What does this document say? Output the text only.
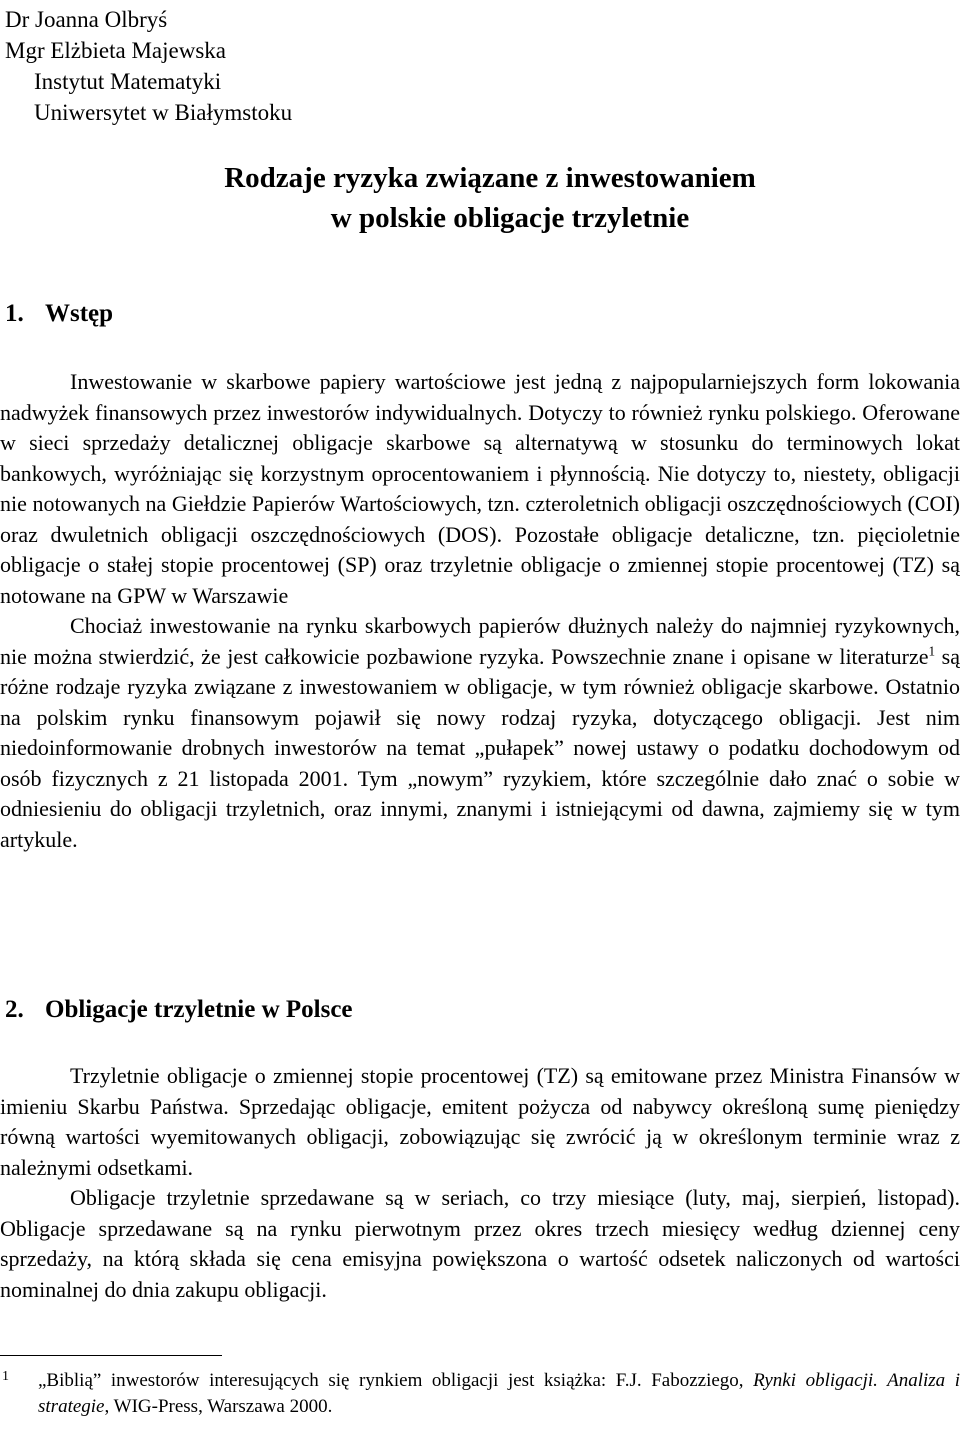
Dr Joanna Olbryś
Mgr Elżbieta Majewska
Instytut Matematyki
Uniwersytet w Białymstoku
Rodzaje ryzyka związane z inwestowaniem
w polskie obligacje trzyletnie
1. Wstęp

Inwestowanie w skarbowe papiery wartościowe jest jedną z najpopularniejszych form lokowania nadwyżek finansowych przez inwestorów indywidualnych. Dotyczy to również rynku polskiego. Oferowane w sieci sprzedaży detalicznej obligacje skarbowe są alternatywą w stosunku do terminowych lokat bankowych, wyróżniając się korzystnym oprocentowaniem i płynnością. Nie dotyczy to, niestety, obligacji nie notowanych na Giełdzie Papierów Wartościowych, tzn. czteroletnich obligacji oszczędnościowych (COI) oraz dwuletnich obligacji oszczędnościowych (DOS). Pozostałe obligacje detaliczne, tzn. pięcioletnie obligacje o stałej stopie procentowej (SP) oraz trzyletnie obligacje o zmiennej stopie procentowej (TZ) są notowane na GPW w Warszawie

Chociaż inwestowanie na rynku skarbowych papierów dłużnych należy do najmniej ryzykownych, nie można stwierdzić, że jest całkowicie pozbawione ryzyka. Powszechnie znane i opisane w literaturze$^1$ są różne rodzaje ryzyka związane z inwestowaniem w obligacje, w tym również obligacje skarbowe. Ostatnio na polskim rynku finansowym pojawił się nowy rodzaj ryzyka, dotyczącego obligacji. Jest nim niedoinformowanie drobnych inwestorów na temat „pułapek” nowej ustawy o podatku dochodowym od osób fizycznych z 21 listopada 2001. Tym „nowym” ryzykiem, które szczególnie dało znać o sobie w odniesieniu do obligacji trzyletnich, oraz innymi, znanymi i istniejącymi od dawna, zajmiemy się w tym artykule.

2. Obligacje trzyletnie w Polsce

Trzyletnie obligacje o zmiennej stopie procentowej (TZ) są emitowane przez Ministra Finansów w imieniu Skarbu Państwa. Sprzedając obligacje, emitent pożycza od nabywcy określoną sumę pieniędzy równą wartości wyemitowanych obligacji, zobowiązując się zwrócić ją w określonym terminie wraz z należnymi odsetkami.

Obligacje trzyletnie sprzedawane są w seriach, co trzy miesiące (luty, maj, sierpień, listopad). Obligacje sprzedawane są na rynku pierwotnym przez okres trzech miesięcy według dziennej ceny sprzedaży, na którą składa się cena emisyjna powiększona o wartość odsetek naliczonych od wartości nominalnej do dnia zakupu obligacji.

1	„Biblią” inwestorów interesujących się rynkiem obligacji jest książka: F.J. Fabozziego, Rynki obligacji. Analiza i strategie, WIG-Press, Warszawa 2000.
